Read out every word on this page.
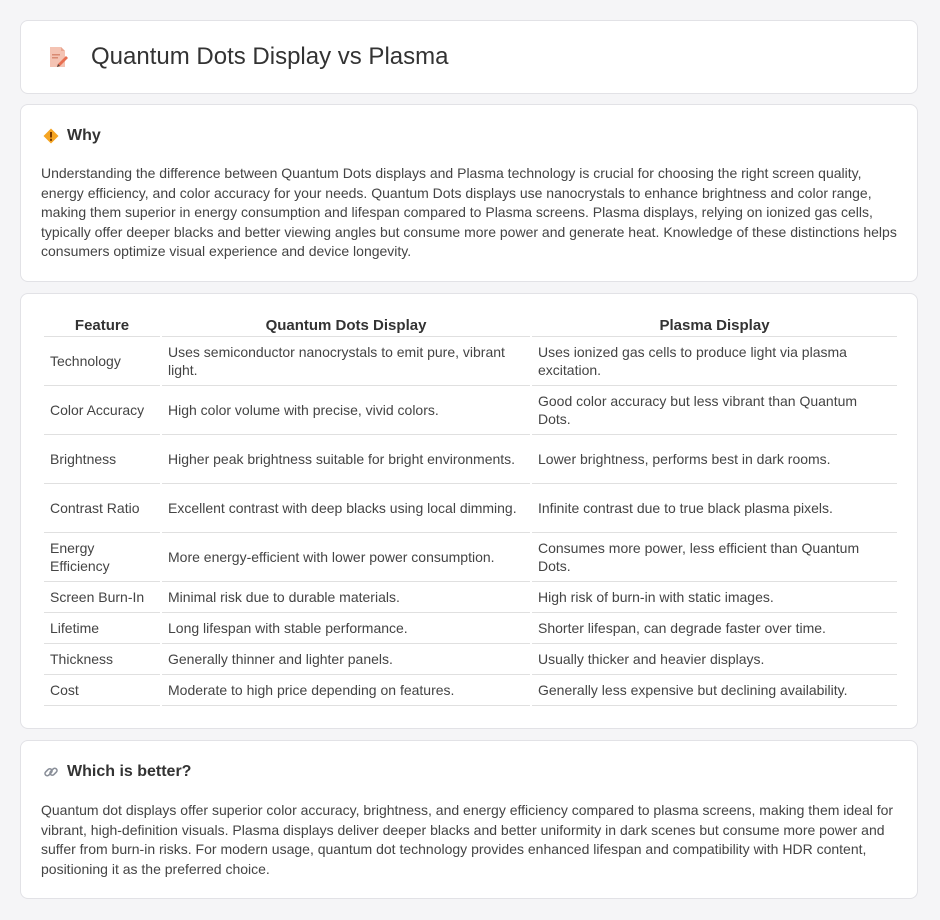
Quantum Dots Display vs Plasma
Why

Understanding the difference between Quantum Dots displays and Plasma technology is crucial for choosing the right screen quality, energy efficiency, and color accuracy for your needs. Quantum Dots displays use nanocrystals to enhance brightness and color range, making them superior in energy consumption and lifespan compared to Plasma screens. Plasma displays, relying on ionized gas cells, typically offer deeper blacks and better viewing angles but consume more power and generate heat. Knowledge of these distinctions helps consumers optimize visual experience and device longevity.

Feature	Quantum Dots Display	Plasma Display
Technology	Uses semiconductor nanocrystals to emit pure, vibrant light.	Uses ionized gas cells to produce light via plasma excitation.
Color Accuracy	High color volume with precise, vivid colors.	Good color accuracy but less vibrant than Quantum Dots.
Brightness	Higher peak brightness suitable for bright environments.	Lower brightness, performs best in dark rooms.
Contrast Ratio	Excellent contrast with deep blacks using local dimming.	Infinite contrast due to true black plasma pixels.
Energy Efficiency	More energy-efficient with lower power consumption.	Consumes more power, less efficient than Quantum Dots.
Screen Burn-In	Minimal risk due to durable materials.	High risk of burn-in with static images.
Lifetime	Long lifespan with stable performance.	Shorter lifespan, can degrade faster over time.
Thickness	Generally thinner and lighter panels.	Usually thicker and heavier displays.
Cost	Moderate to high price depending on features.	Generally less expensive but declining availability.
Which is better?

Quantum dot displays offer superior color accuracy, brightness, and energy efficiency compared to plasma screens, making them ideal for vibrant, high-definition visuals. Plasma displays deliver deeper blacks and better uniformity in dark scenes but consume more power and suffer from burn-in risks. For modern usage, quantum dot technology provides enhanced lifespan and compatibility with HDR content, positioning it as the preferred choice.
